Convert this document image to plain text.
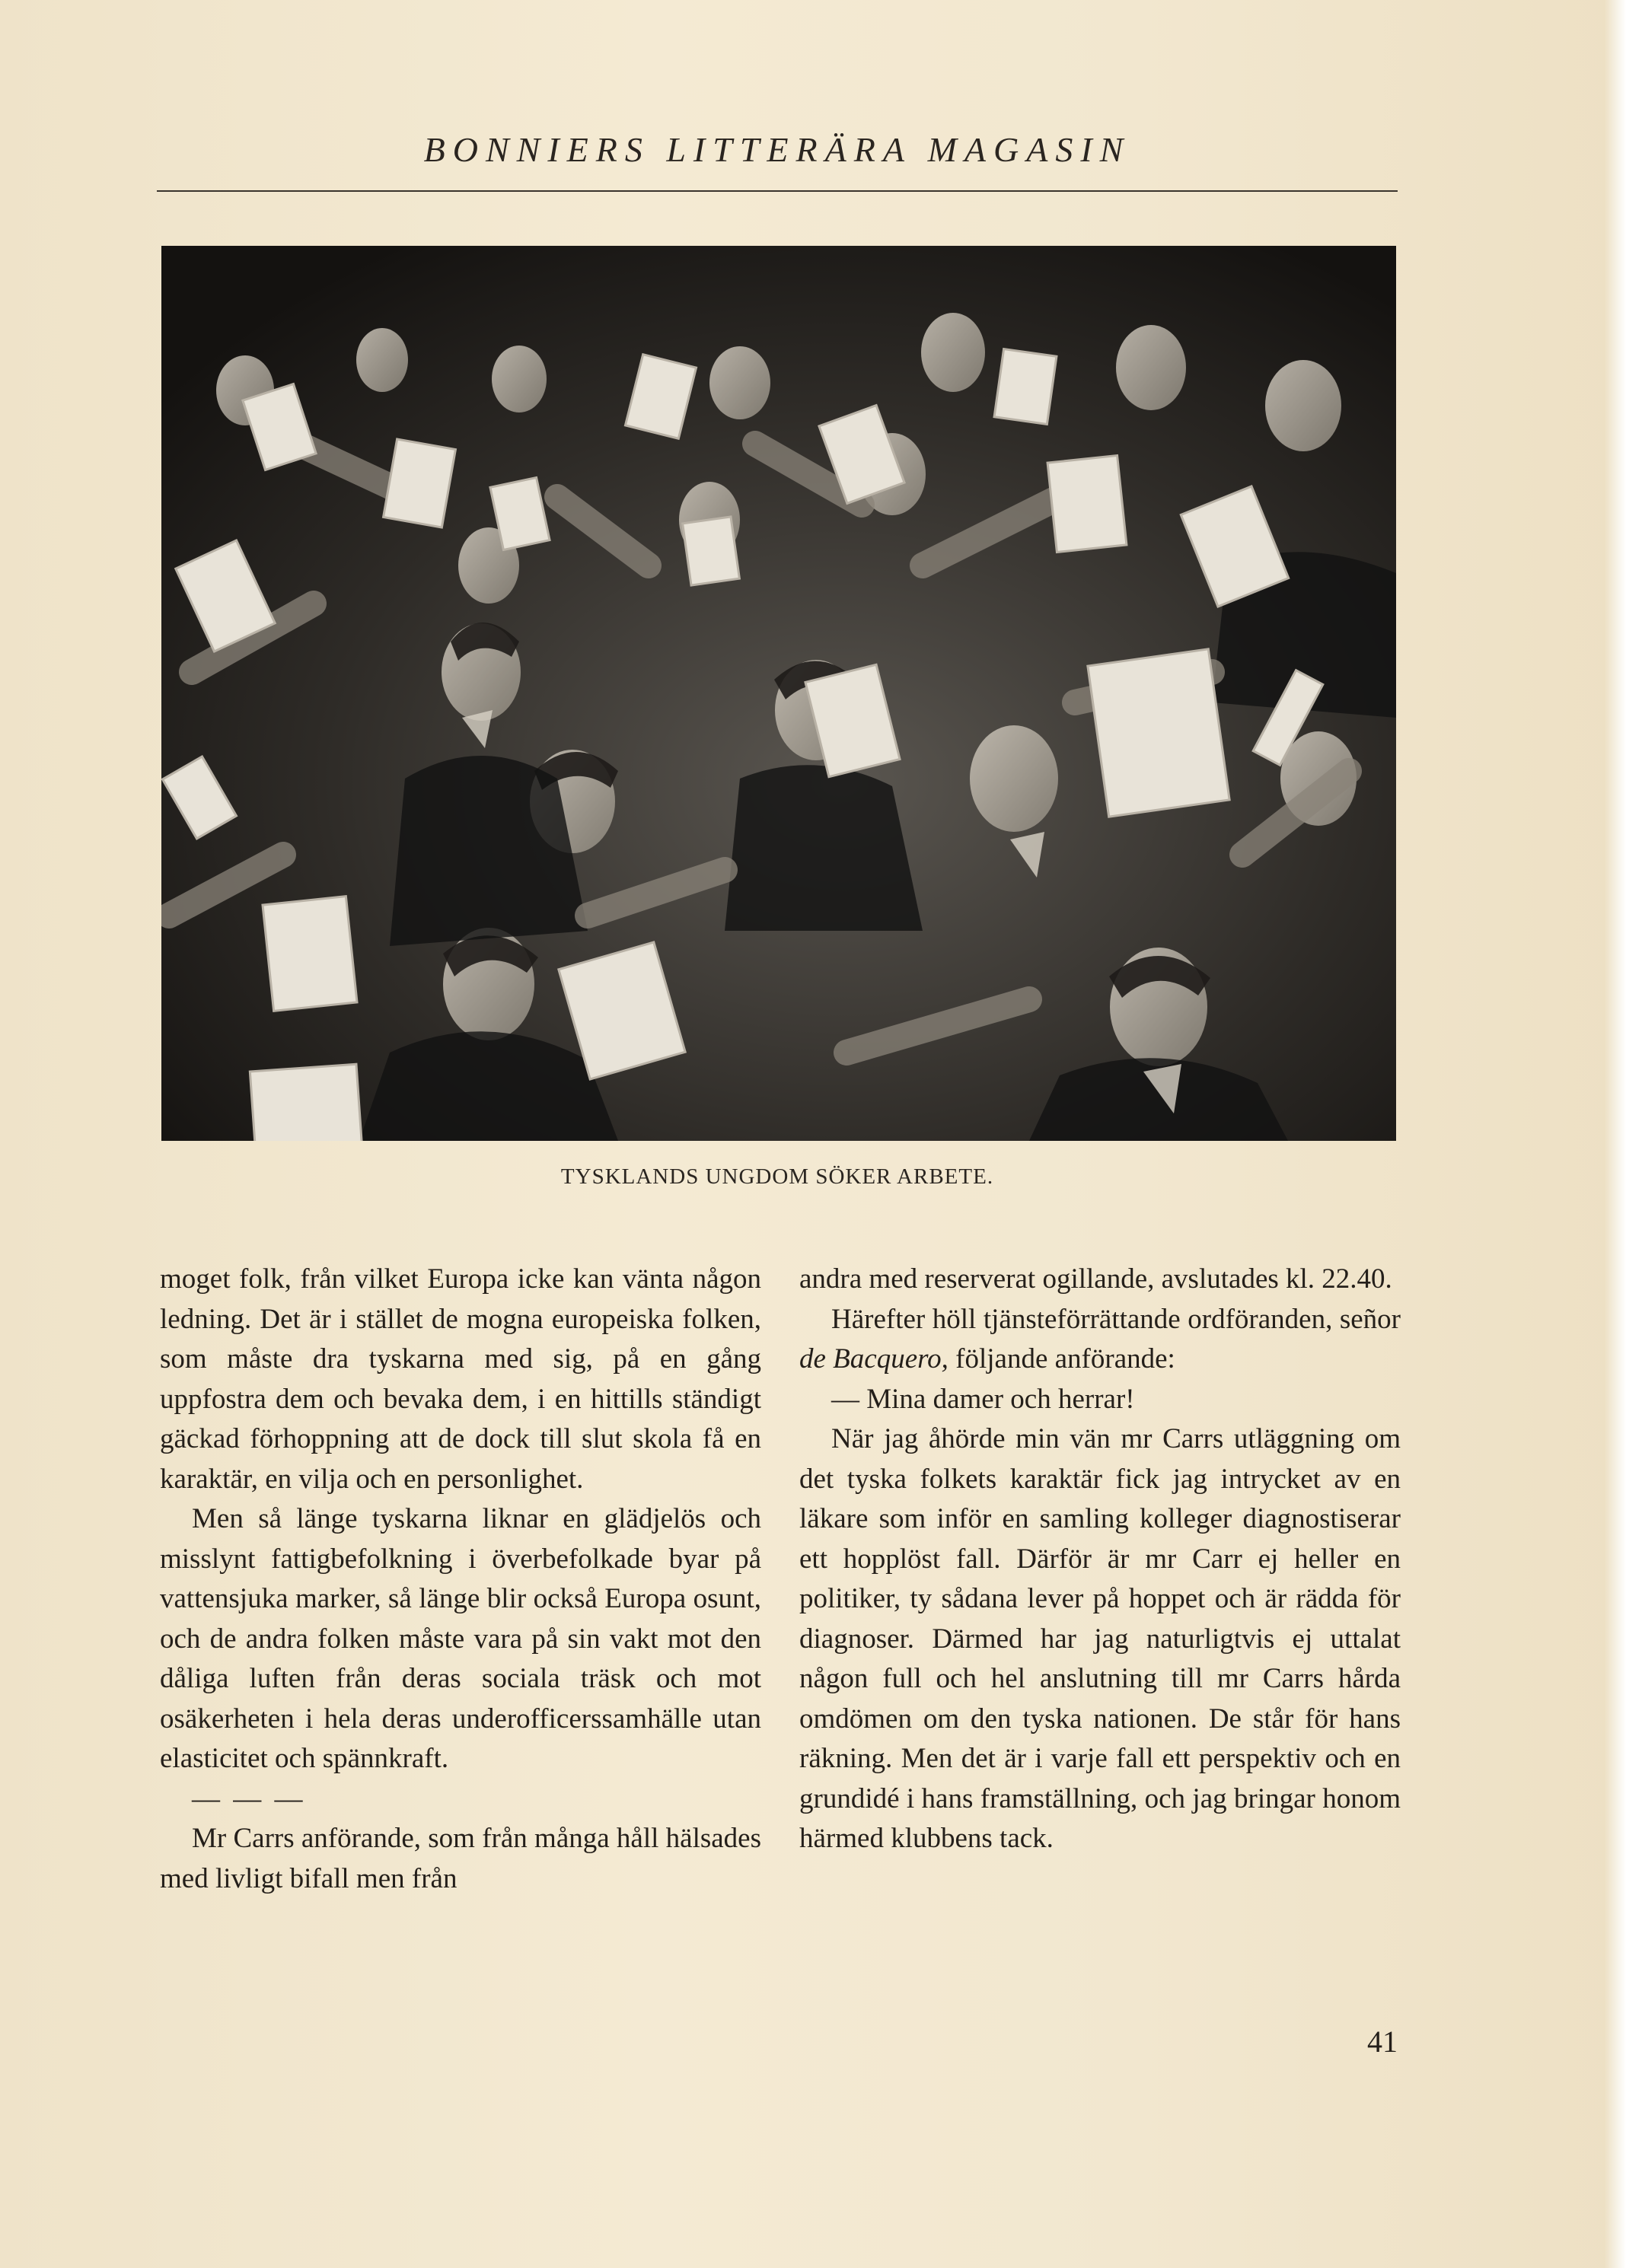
BONNIERS LITTERÄRA MAGASIN
TYSKLANDS UNGDOM SÖKER ARBETE.

moget folk, från vilket Europa icke kan vänta någon ledning. Det är i stället de mogna europeiska folken, som måste dra tyskarna med sig, på en gång uppfostra dem och bevaka dem, i en hittills ständigt gäckad förhoppning att de dock till slut skola få en karaktär, en vilja och en personlighet.

Men så länge tyskarna liknar en glädjelös och misslynt fattigbefolkning i överbefolkade byar på vattensjuka marker, så länge blir också Europa osunt, och de andra folken måste vara på sin vakt mot den dåliga luften från deras sociala träsk och mot osäkerheten i hela deras underofficerssamhälle utan elasticitet och spännkraft.

— — —

Mr Carrs anförande, som från många håll hälsades med livligt bifall men från

andra med reserverat ogillande, avslutades kl. 22.40.

Härefter höll tjänsteförrättande ordföranden, señor de Bacquero, följande anförande:

— Mina damer och herrar!

När jag åhörde min vän mr Carrs utläggning om det tyska folkets karaktär fick jag intrycket av en läkare som inför en samling kolleger diagnostiserar ett hopplöst fall. Därför är mr Carr ej heller en politiker, ty sådana lever på hoppet och är rädda för diagnoser. Därmed har jag naturligtvis ej uttalat någon full och hel anslutning till mr Carrs hårda omdömen om den tyska nationen. De står för hans räkning. Men det är i varje fall ett perspektiv och en grundidé i hans framställning, och jag bringar honom härmed klubbens tack.

41
